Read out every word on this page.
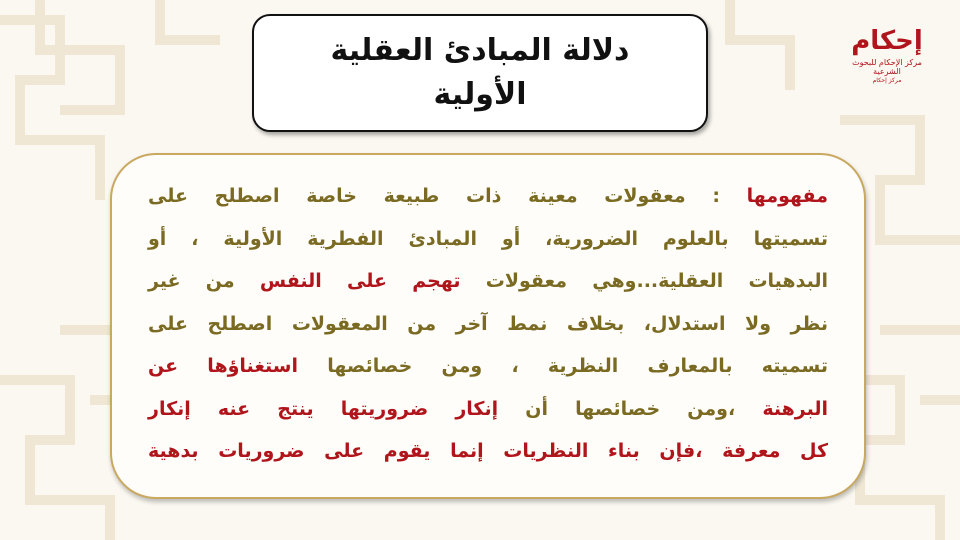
إحكام
مركز الإحكام للبحوث الشرعية
مركز إحكام
دلالة المبادئ العقلية الأولية
مفهومها : معقولات معينة ذات طبيعة خاصة اصطلح على
تسميتها بالعلوم الضرورية، أو المبادئ الفطرية الأولية ، أو
البدهيات العقلية...وهي معقولات تهجم على النفس من غير
نظر ولا استدلال، بخلاف نمط آخر من المعقولات اصطلح على
تسميته بالمعارف النظرية ، ومن خصائصها استغناؤها عن
البرهنة ،ومن خصائصها أن إنكار ضروريتها ينتج عنه إنكار
كل معرفة ،فإن بناء النظريات إنما يقوم على ضروريات بدهية
